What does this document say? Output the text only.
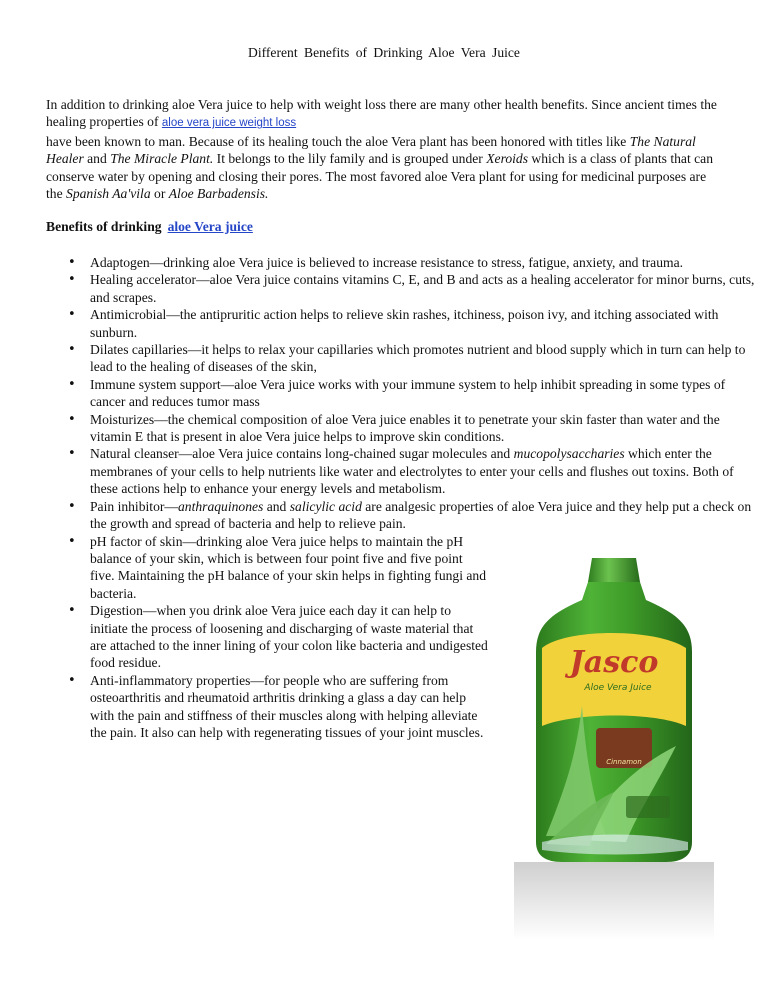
Different Benefits of Drinking Aloe Vera Juice

In addition to drinking aloe Vera juice to help with weight loss there are many other health benefits. Since ancient times the healing properties of aloe vera juice weight loss
have been known to man. Because of its healing touch the aloe Vera plant has been honored with titles like The Natural Healer and The Miracle Plant. It belongs to the lily family and is grouped under Xeroids which is a class of plants that can conserve water by opening and closing their pores. The most favored aloe Vera plant for using for medicinal purposes are the Spanish Aa'vila or Aloe Barbadensis.

Benefits of drinking aloe Vera juice
• Adaptogen—drinking aloe Vera juice is believed to increase resistance to stress, fatigue, anxiety, and trauma.
• Healing accelerator—aloe Vera juice contains vitamins C, E, and B and acts as a healing accelerator for minor burns, cuts, and scrapes.
• Antimicrobial—the antipruritic action helps to relieve skin rashes, itchiness, poison ivy, and itching associated with sunburn.
• Dilates capillaries—it helps to relax your capillaries which promotes nutrient and blood supply which in turn can help to lead to the healing of diseases of the skin,
• Immune system support—aloe Vera juice works with your immune system to help inhibit spreading in some types of cancer and reduces tumor mass
• Moisturizes—the chemical composition of aloe Vera juice enables it to penetrate your skin faster than water and the vitamin E that is present in aloe Vera juice helps to improve skin conditions.
• Natural cleanser—aloe Vera juice contains long-chained sugar molecules and mucopolysaccharies which enter the membranes of your cells to help nutrients like water and electrolytes to enter your cells and flushes out toxins. Both of these actions help to enhance your energy levels and metabolism.
• Pain inhibitor—anthraquinones and salicylic acid are analgesic properties of aloe Vera juice and they help put a check on the growth and spread of bacteria and help to relieve pain.
• pH factor of skin—drinking aloe Vera juice helps to maintain the pH balance of your skin, which is between four point five and five point five. Maintaining the pH balance of your skin helps in fighting fungi and bacteria.
• Digestion—when you drink aloe Vera juice each day it can help to initiate the process of loosening and discharging of waste material that are attached to the inner lining of your colon like bacteria and undigested food residue.
• Anti-inflammatory properties—for people who are suffering from osteoarthritis and rheumatoid arthritis drinking a glass a day can help with the pain and stiffness of their muscles along with helping alleviate the pain. It also can help with regenerating tissues of your joint muscles.
Jasco
Aloe Vera Juice
Cinnamon
